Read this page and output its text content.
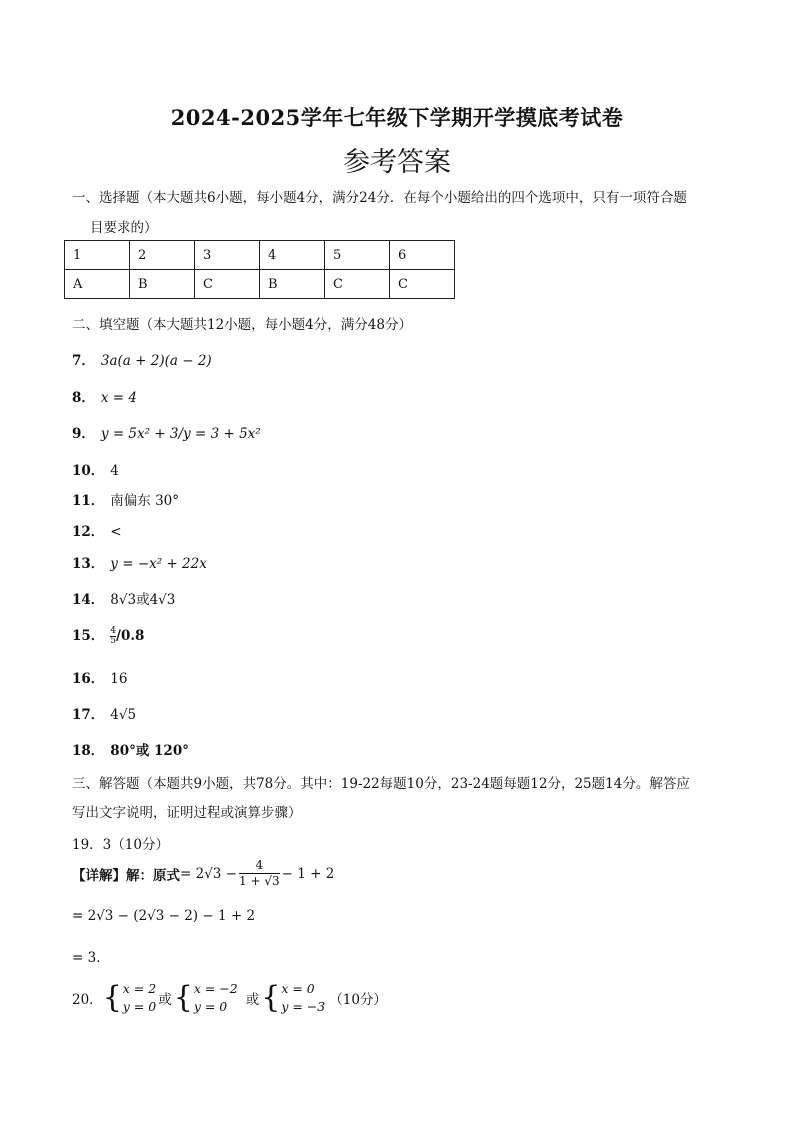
2024-2025学年七年级下学期开学摸底考试卷
参考答案
一、选择题（本大题共6小题，每小题4分，满分24分．在每个小题给出的四个选项中，只有一项符合题
目要求的）
1	2	3	4	5	6
A	B	C	B	C	C
二、填空题（本大题共12小题，每小题4分，满分48分）
7． 3a(a + 2)(a − 2)
8． x = 4
9． y = 5x² + 3/y = 3 + 5x²
10． 4
11． 南偏东 30°
12． <
13． y = −x² + 22x
14． 8√3或4√3
15． $\frac{4}{5}/0.8$
16． 16
17． 4√5
18． 80°或 120°
三、解答题（本题共9小题，共78分。其中：19-22每题10分，23-24题每题12分，25题14分。解答应
写出文字说明，证明过程或演算步骤）
19．3（10分）
【详解】解：原式 = $2√3 - \frac{4}{1 + √3} - 1 + 2$
= 2√3 − (2√3 − 2) − 1 + 2
= 3．
20． { x = 2
y = 0 或 { x = −2
y = 0	或 { x = 0
y = −3 （10分）
